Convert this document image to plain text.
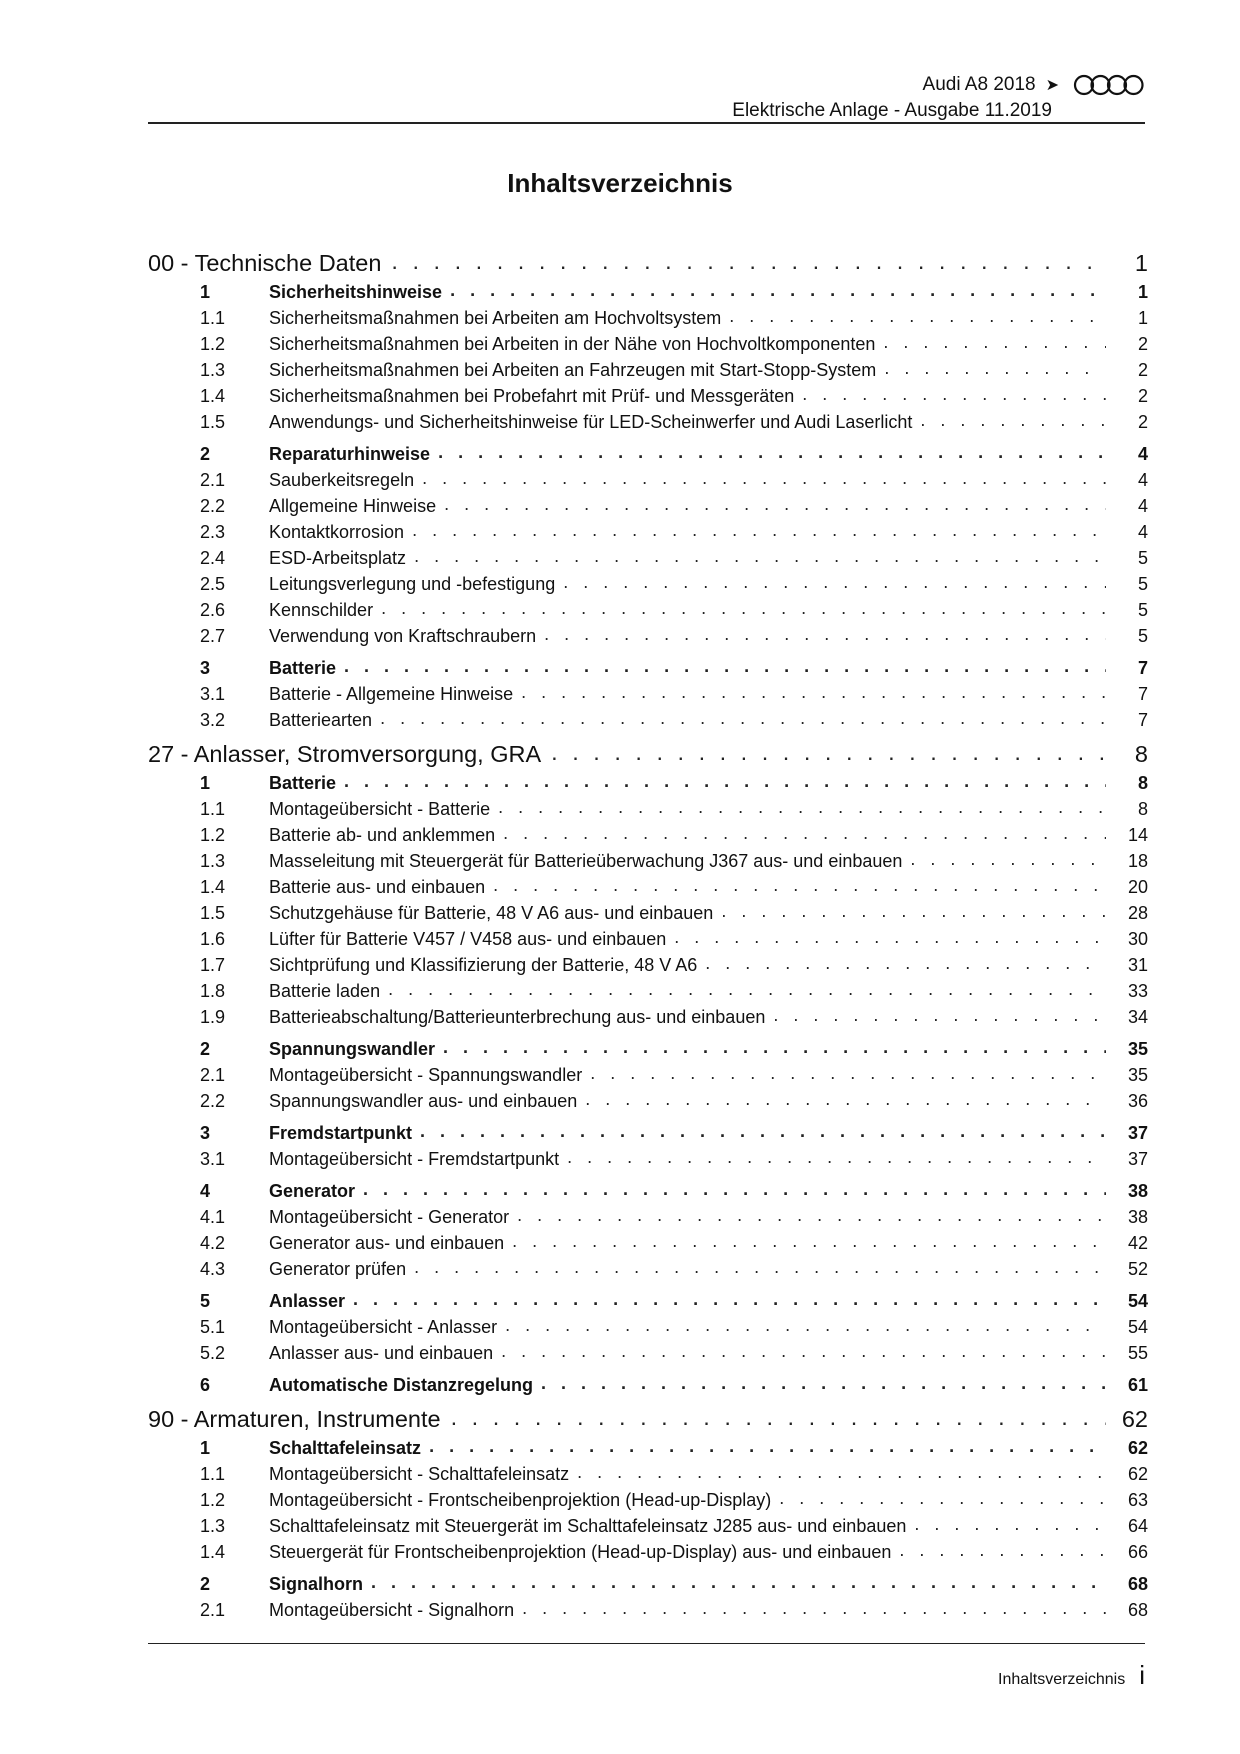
Audi A8 2018 ➤
Elektrische Anlage - Ausgabe 11.2019
Inhaltsverzeichnis
00 - Technische Daten . . .	1
1	Sicherheitshinweise . . .	1
1.1	Sicherheitsmaßnahmen bei Arbeiten am Hochvoltsystem . . .	1
1.2	Sicherheitsmaßnahmen bei Arbeiten in der Nähe von Hochvoltkomponenten . . .	2
1.3	Sicherheitsmaßnahmen bei Arbeiten an Fahrzeugen mit Start-Stopp-System . . .	2
1.4	Sicherheitsmaßnahmen bei Probefahrt mit Prüf- und Messgeräten . . .	2
1.5	Anwendungs- und Sicherheitshinweise für LED-Scheinwerfer und Audi Laserlicht . . .	2
2	Reparaturhinweise . . .	4
2.1	Sauberkeitsregeln . . .	4
2.2	Allgemeine Hinweise . . .	4
2.3	Kontaktkorrosion . . .	4
2.4	ESD-Arbeitsplatz . . .	5
2.5	Leitungsverlegung und -befestigung . . .	5
2.6	Kennschilder . . .	5
2.7	Verwendung von Kraftschraubern . . .	5
3	Batterie . . .	7
3.1	Batterie - Allgemeine Hinweise . . .	7
3.2	Batteriearten . . .	7
27 - Anlasser, Stromversorgung, GRA . . .	8
1	Batterie . . .	8
1.1	Montageübersicht - Batterie . . .	8
1.2	Batterie ab- und anklemmen . . .	14
1.3	Masseleitung mit Steuergerät für Batterieüberwachung J367 aus- und einbauen . . .	18
1.4	Batterie aus- und einbauen . . .	20
1.5	Schutzgehäuse für Batterie, 48 V A6 aus- und einbauen . . .	28
1.6	Lüfter für Batterie V457 / V458 aus- und einbauen . . .	30
1.7	Sichtprüfung und Klassifizierung der Batterie, 48 V A6 . . .	31
1.8	Batterie laden . . .	33
1.9	Batterieabschaltung/Batterieunterbrechung aus- und einbauen . . .	34
2	Spannungswandler . . .	35
2.1	Montageübersicht - Spannungswandler . . .	35
2.2	Spannungswandler aus- und einbauen . . .	36
3	Fremdstartpunkt . . .	37
3.1	Montageübersicht - Fremdstartpunkt . . .	37
4	Generator . . .	38
4.1	Montageübersicht - Generator . . .	38
4.2	Generator aus- und einbauen . . .	42
4.3	Generator prüfen . . .	52
5	Anlasser . . .	54
5.1	Montageübersicht - Anlasser . . .	54
5.2	Anlasser aus- und einbauen . . .	55
6	Automatische Distanzregelung . . .	61
90 - Armaturen, Instrumente . . .	62
1	Schalttafeleinsatz . . .	62
1.1	Montageübersicht - Schalttafeleinsatz . . .	62
1.2	Montageübersicht - Frontscheibenprojektion (Head-up-Display) . . .	63
1.3	Schalttafeleinsatz mit Steuergerät im Schalttafeleinsatz J285 aus- und einbauen . . .	64
1.4	Steuergerät für Frontscheibenprojektion (Head-up-Display) aus- und einbauen . . .	66
2	Signalhorn . . .	68
2.1	Montageübersicht - Signalhorn . . .	68
Inhaltsverzeichnis i
